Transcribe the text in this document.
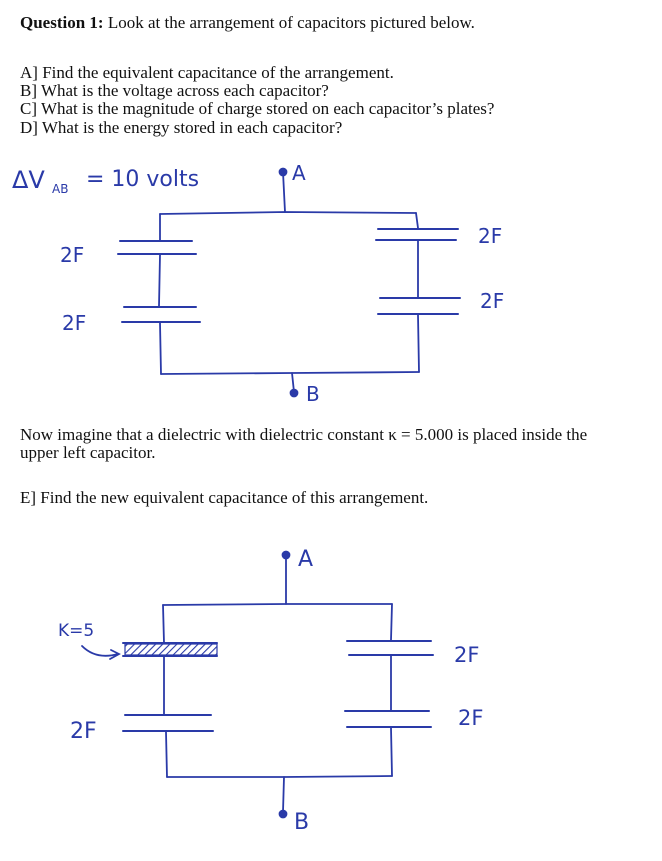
Question 1: Look at the arrangement of capacitors pictured below.
A] Find the equivalent capacitance of the arrangement.
B] What is the voltage across each capacitor?
C] What is the magnitude of charge stored on each capacitor’s plates?
D] What is the energy stored in each capacitor?
Now imagine that a dielectric with dielectric constant κ = 5.000 is placed inside the
upper left capacitor.
E] Find the new equivalent capacitance of this arrangement.
ΔV AB = 10 volts	A
2F
2F
2F
2F
B
A
K=5
2F
2F
2F
B
